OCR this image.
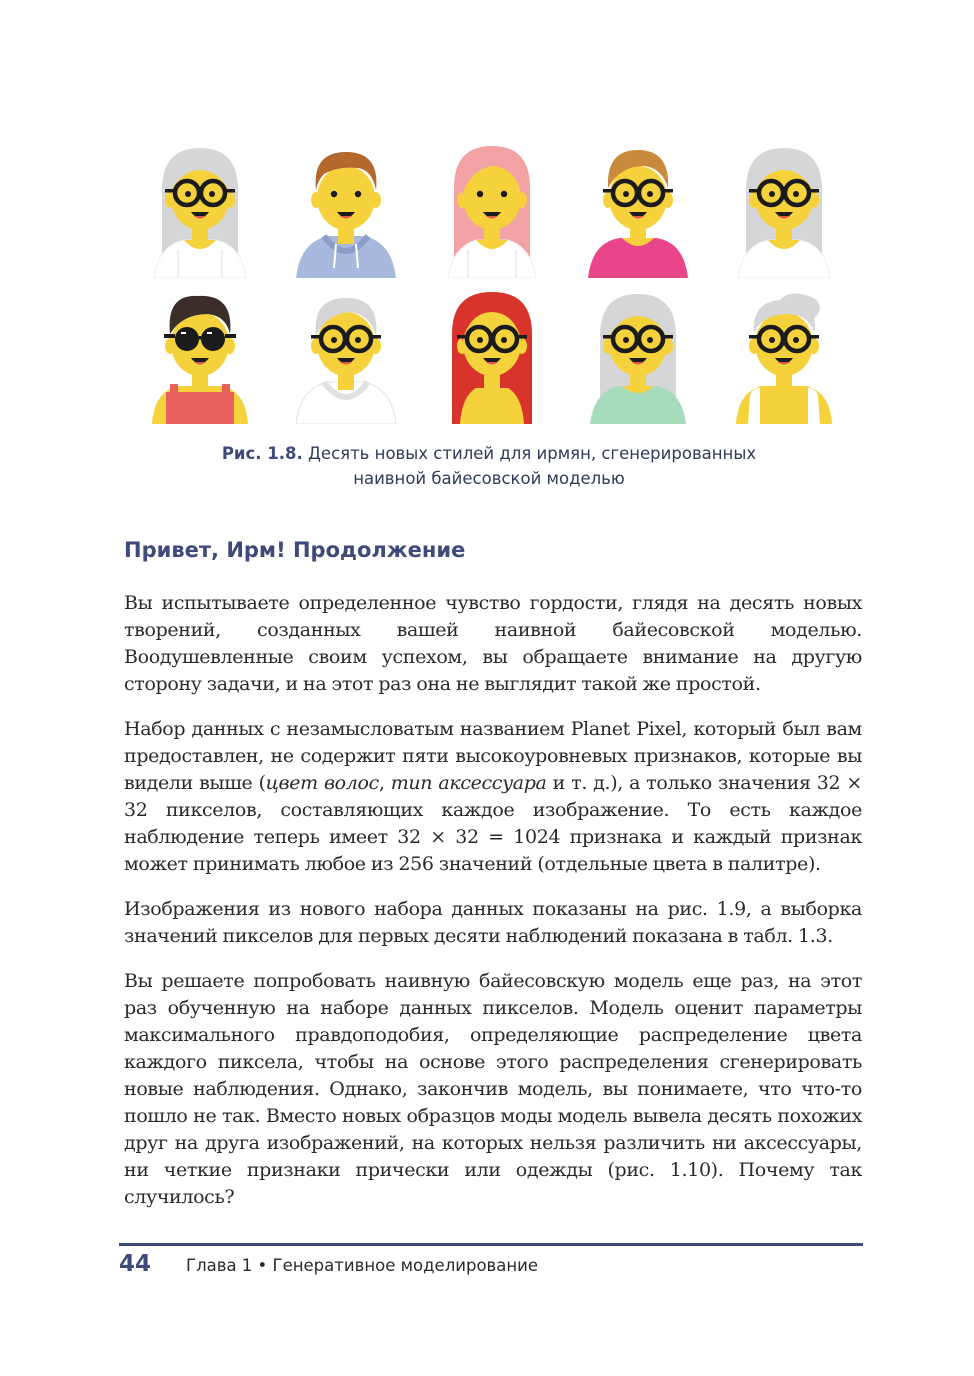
Рис. 1.8. Десять новых стилей для ирмян, сгенерированных наивной байесовской моделью
Привет, Ирм! Продолжение

Вы испытываете определенное чувство гордости, глядя на десять новых творений, созданных вашей наивной байесовской моделью. Воодушевленные своим успехом, вы обращаете внимание на другую сторону задачи, и на этот раз она не выглядит такой же простой.

Набор данных с незамысловатым названием Planet Pixel, который был вам предоставлен, не содержит пяти высокоуровневых признаков, которые вы видели выше (цвет волос, тип аксессуара и т. д.), а только значения 32 × 32 пикселов, составляющих каждое изображение. То есть каждое наблюдение теперь имеет 32 × 32 = 1024 признака и каждый признак может принимать любое из 256 значений (отдельные цвета в палитре).

Изображения из нового набора данных показаны на рис. 1.9, а выборка значений пикселов для первых десяти наблюдений показана в табл. 1.3.

Вы решаете попробовать наивную байесовскую модель еще раз, на этот раз обученную на наборе данных пикселов. Модель оценит параметры максимального правдоподобия, определяющие распределение цвета каждого пиксела, чтобы на основе этого распределения сгенерировать новые наблюдения. Однако, закончив модель, вы понимаете, что что-то пошло не так. Вместо новых образцов моды модель вывела десять похожих друг на друга изображений, на которых нельзя различить ни аксессуары, ни четкие признаки прически или одежды (рис. 1.10). Почему так случилось?

44 Глава 1 • Генеративное моделирование
